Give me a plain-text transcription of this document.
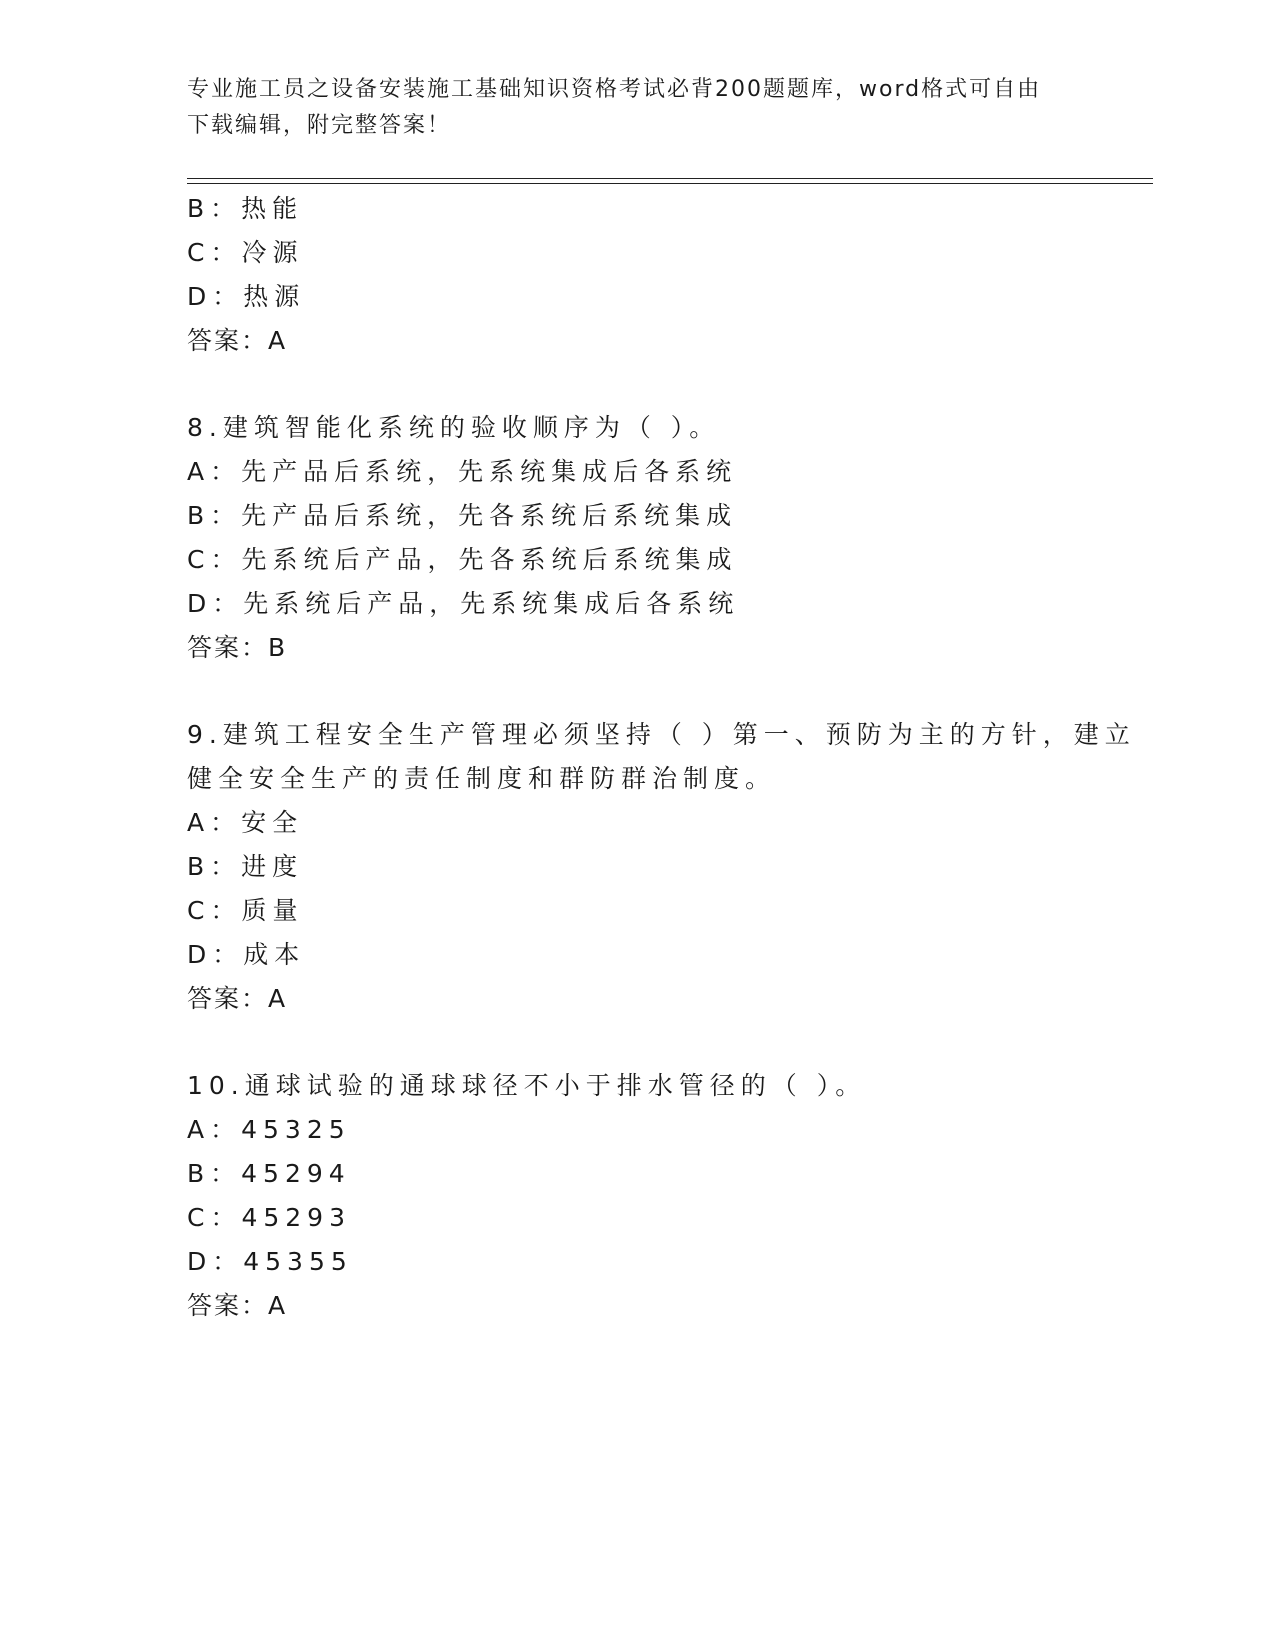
专业施工员之设备安装施工基础知识资格考试必背200题题库，word格式可自由
下载编辑，附完整答案！
B：热能
C：冷源
D：热源
答案：A
8.建筑智能化系统的验收顺序为（ ）。
A：先产品后系统，先系统集成后各系统
B：先产品后系统，先各系统后系统集成
C：先系统后产品，先各系统后系统集成
D：先系统后产品，先系统集成后各系统
答案：B
9.建筑工程安全生产管理必须坚持（ ）第一、预防为主的方针，建立
健全安全生产的责任制度和群防群治制度。
A：安全
B：进度
C：质量
D：成本
答案：A
10.通球试验的通球球径不小于排水管径的（ ）。
A：45325
B：45294
C：45293
D：45355
答案：A
